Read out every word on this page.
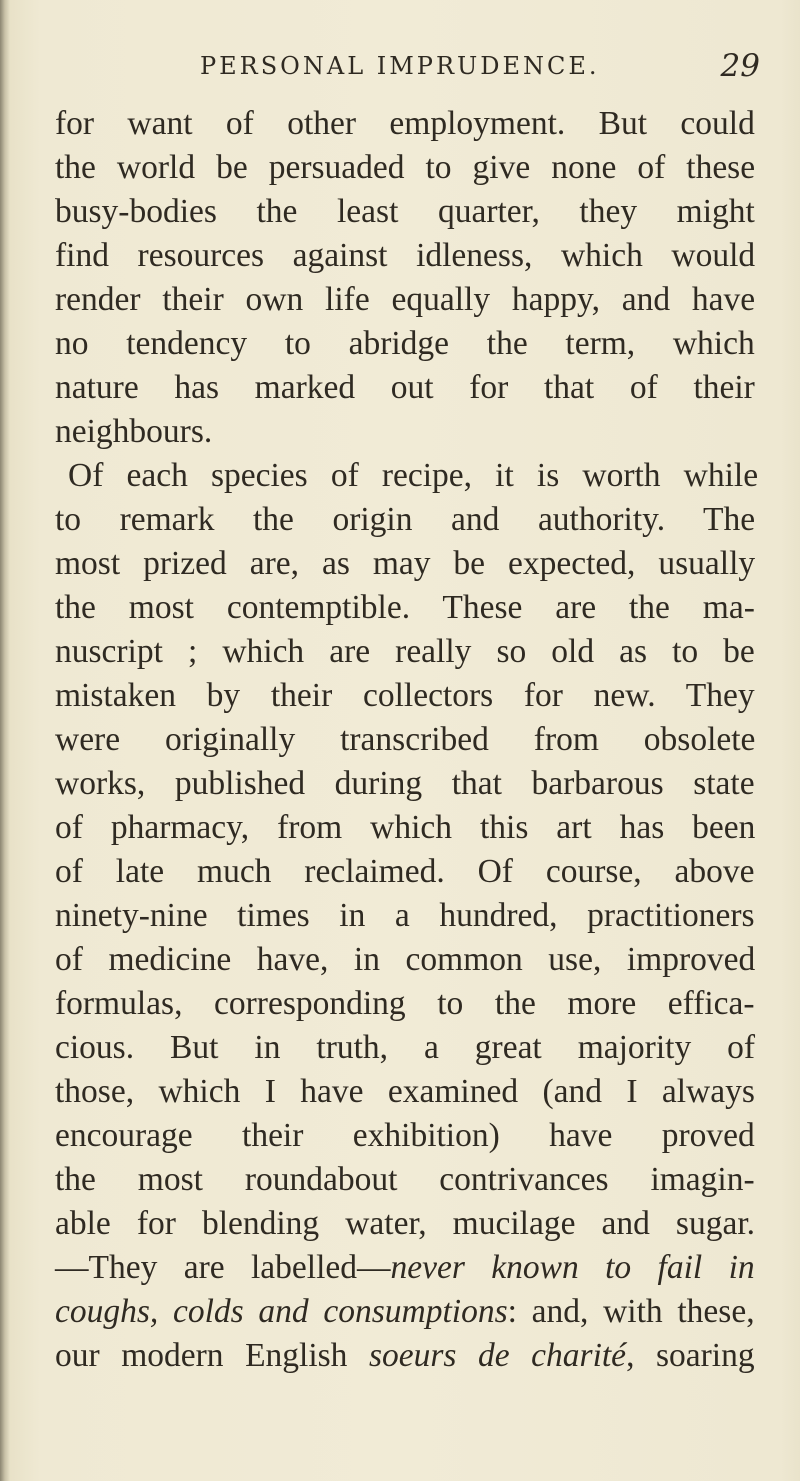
PERSONAL IMPRUDENCE.	29
for want of other employment. But could
the world be persuaded to give none of these
busy-bodies the least quarter, they might
find resources against idleness, which would
render their own life equally happy, and have
no tendency to abridge the term, which
nature has marked out for that of their
neighbours.
Of each species of recipe, it is worth while
to remark the origin and authority. The
most prized are, as may be expected, usually
the most contemptible. These are the ma-
nuscript ; which are really so old as to be
mistaken by their collectors for new. They
were originally transcribed from obsolete
works, published during that barbarous state
of pharmacy, from which this art has been
of late much reclaimed. Of course, above
ninety-nine times in a hundred, practitioners
of medicine have, in common use, improved
formulas, corresponding to the more effica-
cious. But in truth, a great majority of
those, which I have examined (and I always
encourage their exhibition) have proved
the most roundabout contrivances imagin-
able for blending water, mucilage and sugar.
—They are labelled—never known to fail in
coughs, colds and consumptions: and, with these,
our modern English soeurs de charité, soaring
